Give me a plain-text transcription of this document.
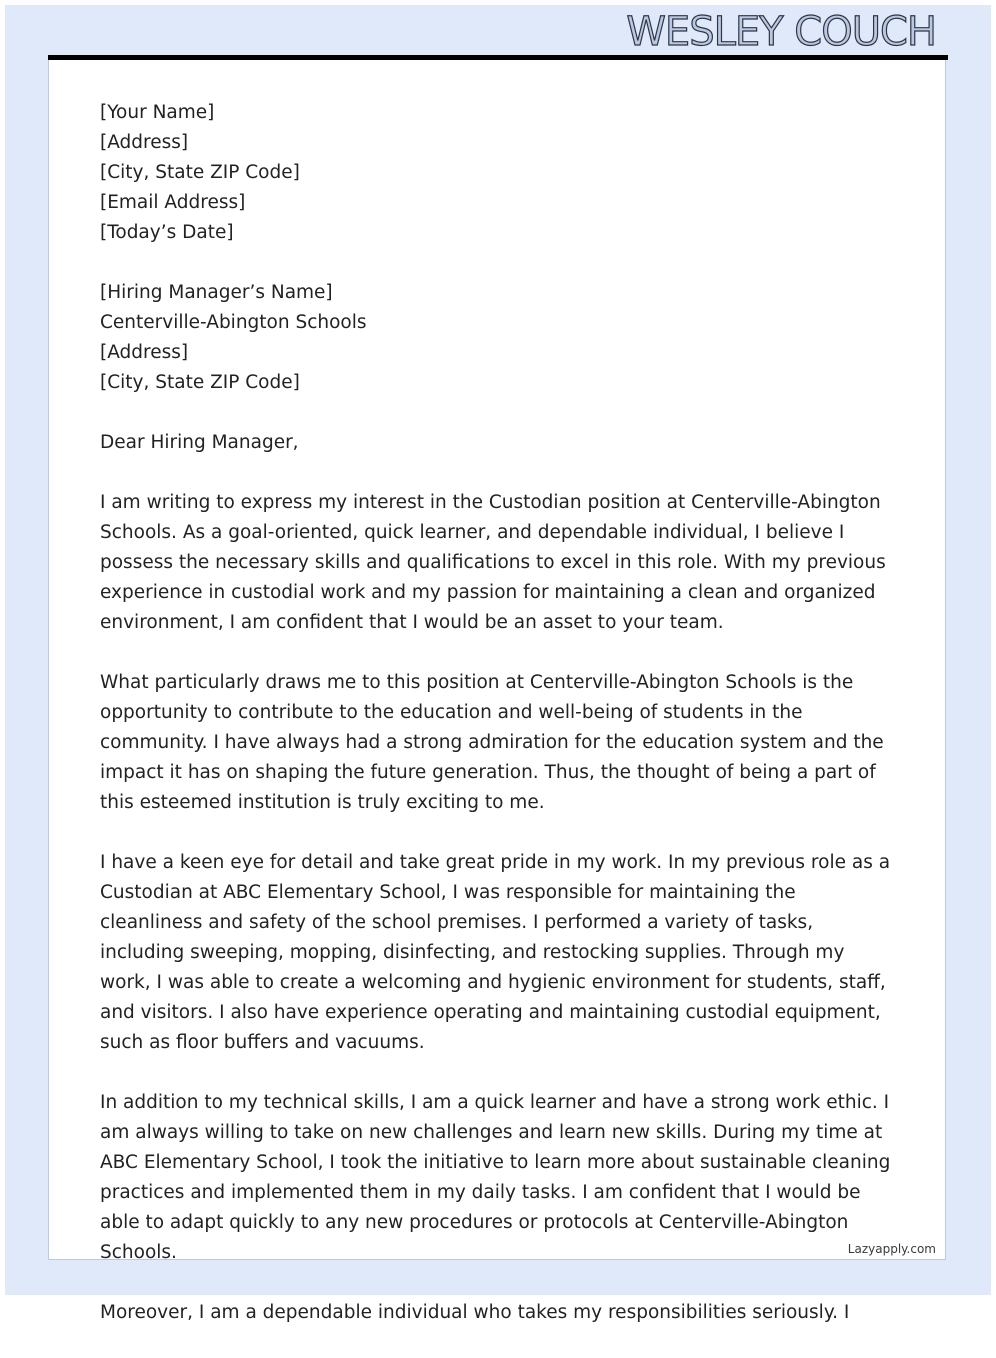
WESLEY COUCH
Lazyapply.com
[Your Name]
[Address]
[City, State ZIP Code]
[Email Address]
[Today’s Date]
[Hiring Manager’s Name]
Centerville-Abington Schools
[Address]
[City, State ZIP Code]

Dear Hiring Manager,

I am writing to express my interest in the Custodian position at Centerville-Abington Schools. As a goal-oriented, quick learner, and dependable individual, I believe I possess the necessary skills and qualifications to excel in this role. With my previous experience in custodial work and my passion for maintaining a clean and organized environment, I am confident that I would be an asset to your team.

What particularly draws me to this position at Centerville-Abington Schools is the opportunity to contribute to the education and well-being of students in the community. I have always had a strong admiration for the education system and the impact it has on shaping the future generation. Thus, the thought of being a part of this esteemed institution is truly exciting to me.

I have a keen eye for detail and take great pride in my work. In my previous role as a Custodian at ABC Elementary School, I was responsible for maintaining the cleanliness and safety of the school premises. I performed a variety of tasks, including sweeping, mopping, disinfecting, and restocking supplies. Through my work, I was able to create a welcoming and hygienic environment for students, staff, and visitors. I also have experience operating and maintaining custodial equipment, such as floor buffers and vacuums.

In addition to my technical skills, I am a quick learner and have a strong work ethic. I am always willing to take on new challenges and learn new skills. During my time at ABC Elementary School, I took the initiative to learn more about sustainable cleaning practices and implemented them in my daily tasks. I am confident that I would be able to adapt quickly to any new procedures or protocols at Centerville-Abington Schools.

Moreover, I am a dependable individual who takes my responsibilities seriously. I
